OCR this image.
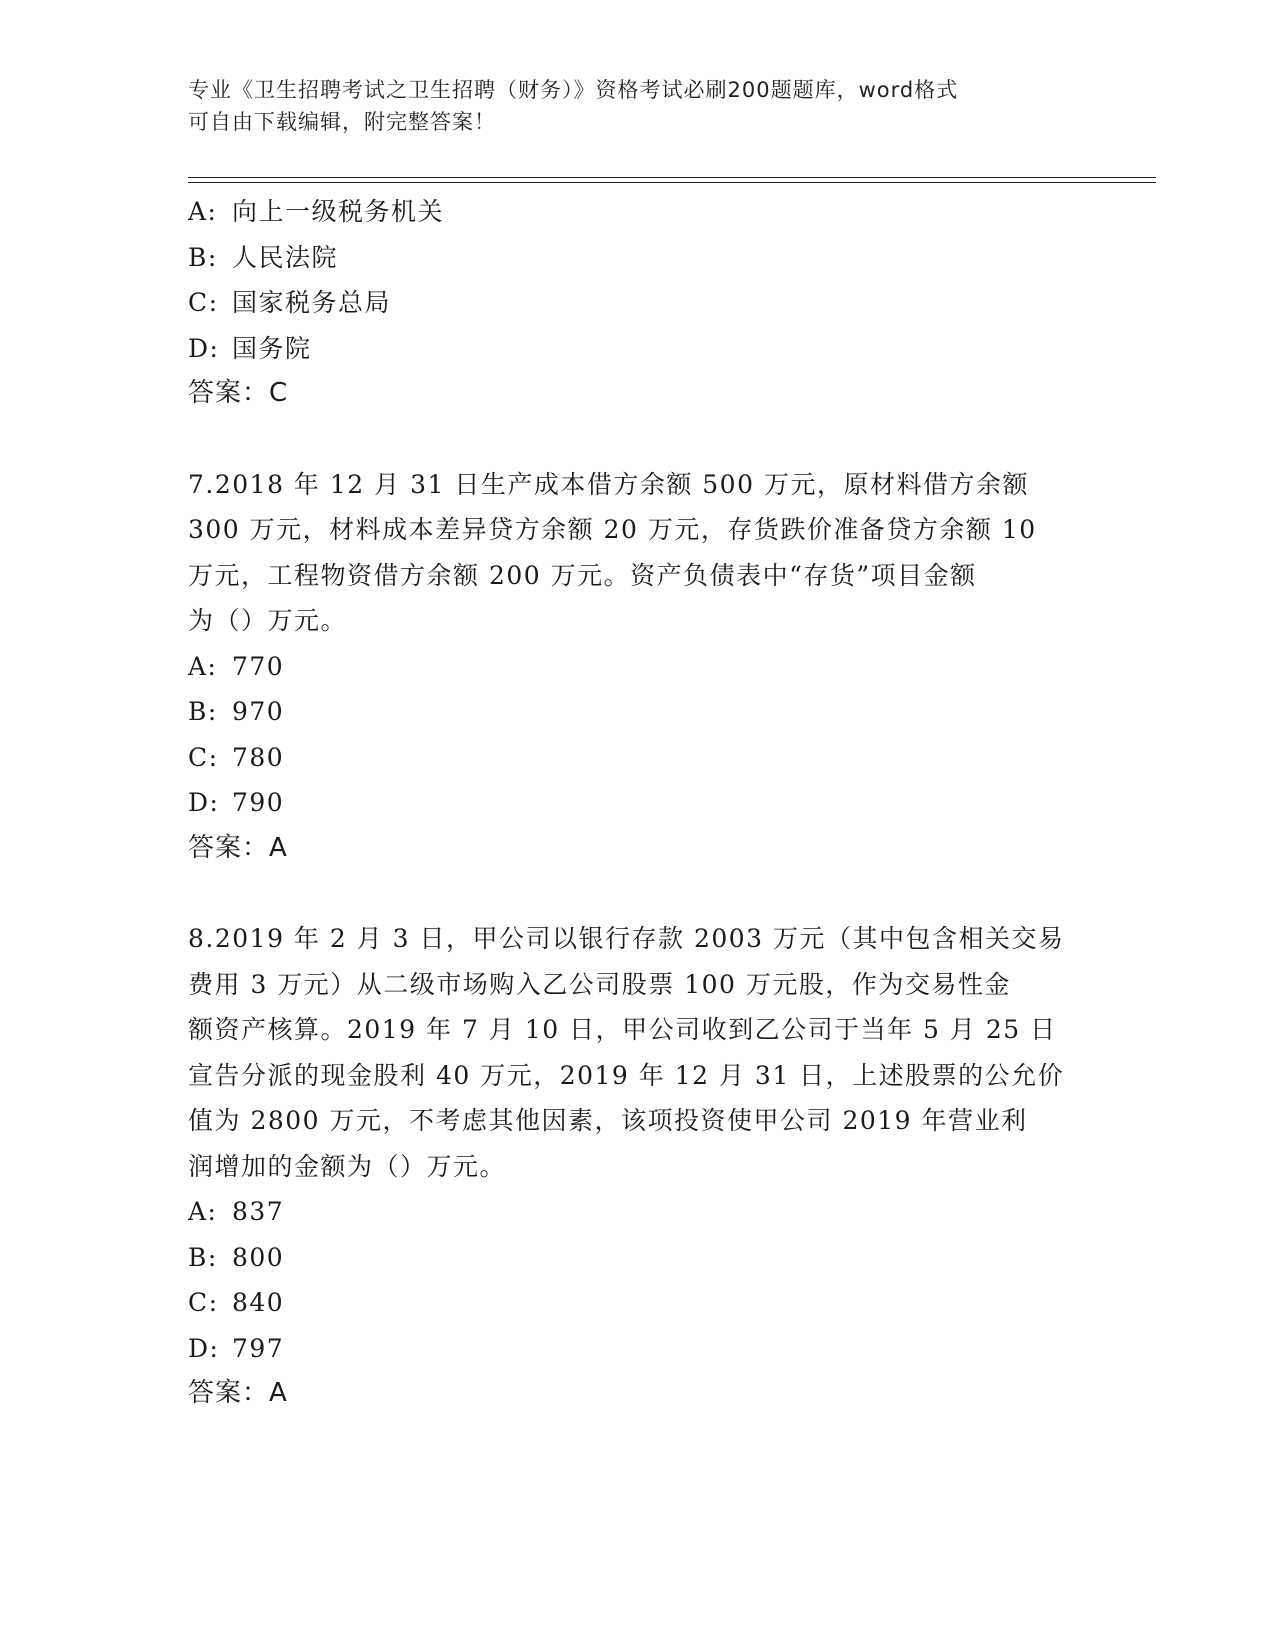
专业《卫生招聘考试之卫生招聘（财务）》资格考试必刷200题题库，word格式
可自由下载编辑，附完整答案！
A: 向上一级税务机关
B: 人民法院
C: 国家税务总局
D: 国务院
答案：C
7.2018 年 12 月 31 日生产成本借方余额 500 万元，原材料借方余额
300 万元，材料成本差异贷方余额 20 万元，存货跌价准备贷方余额 10
万元，工程物资借方余额 200 万元。资产负债表中“存货”项目金额
为（）万元。
A: 770
B: 970
C: 780
D: 790
答案：A
8.2019 年 2 月 3 日，甲公司以银行存款 2003 万元（其中包含相关交易
费用 3 万元）从二级市场购入乙公司股票 100 万元股，作为交易性金
额资产核算。2019 年 7 月 10 日，甲公司收到乙公司于当年 5 月 25 日
宣告分派的现金股利 40 万元，2019 年 12 月 31 日，上述股票的公允价
值为 2800 万元，不考虑其他因素，该项投资使甲公司 2019 年营业利
润增加的金额为（）万元。
A: 837
B: 800
C: 840
D: 797
答案：A
